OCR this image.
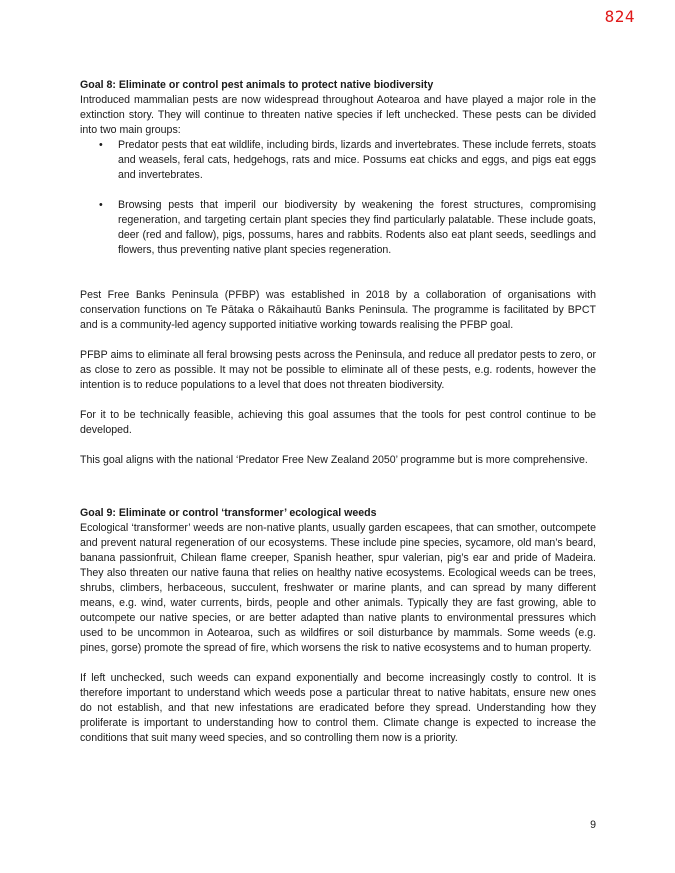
824

Goal 8: Eliminate or control pest animals to protect native biodiversity

Introduced mammalian pests are now widespread throughout Aotearoa and have played a major role in the extinction story. They will continue to threaten native species if left unchecked. These pests can be divided into two main groups:

• Predator pests that eat wildlife, including birds, lizards and invertebrates. These include ferrets, stoats and weasels, feral cats, hedgehogs, rats and mice. Possums eat chicks and eggs, and pigs eat eggs and invertebrates.
• Browsing pests that imperil our biodiversity by weakening the forest structures, compromising regeneration, and targeting certain plant species they find particularly palatable. These include goats, deer (red and fallow), pigs, possums, hares and rabbits. Rodents also eat plant seeds, seedlings and flowers, thus preventing native plant species regeneration.

Pest Free Banks Peninsula (PFBP) was established in 2018 by a collaboration of organisations with conservation functions on Te Pātaka o Rākaihautū Banks Peninsula. The programme is facilitated by BPCT and is a community-led agency supported initiative working towards realising the PFBP goal.

PFBP aims to eliminate all feral browsing pests across the Peninsula, and reduce all predator pests to zero, or as close to zero as possible. It may not be possible to eliminate all of these pests, e.g. rodents, however the intention is to reduce populations to a level that does not threaten biodiversity.

For it to be technically feasible, achieving this goal assumes that the tools for pest control continue to be developed.

This goal aligns with the national ‘Predator Free New Zealand 2050’ programme but is more comprehensive.

Goal 9: Eliminate or control ‘transformer’ ecological weeds

Ecological ‘transformer’ weeds are non-native plants, usually garden escapees, that can smother, outcompete and prevent natural regeneration of our ecosystems. These include pine species, sycamore, old man’s beard, banana passionfruit, Chilean flame creeper, Spanish heather, spur valerian, pig’s ear and pride of Madeira. They also threaten our native fauna that relies on healthy native ecosystems. Ecological weeds can be trees, shrubs, climbers, herbaceous, succulent, freshwater or marine plants, and can spread by many different means, e.g. wind, water currents, birds, people and other animals. Typically they are fast growing, able to outcompete our native species, or are better adapted than native plants to environmental pressures which used to be uncommon in Aotearoa, such as wildfires or soil disturbance by mammals. Some weeds (e.g. pines, gorse) promote the spread of fire, which worsens the risk to native ecosystems and to human property.

If left unchecked, such weeds can expand exponentially and become increasingly costly to control. It is therefore important to understand which weeds pose a particular threat to native habitats, ensure new ones do not establish, and that new infestations are eradicated before they spread. Understanding how they proliferate is important to understanding how to control them. Climate change is expected to increase the conditions that suit many weed species, and so controlling them now is a priority.

9
